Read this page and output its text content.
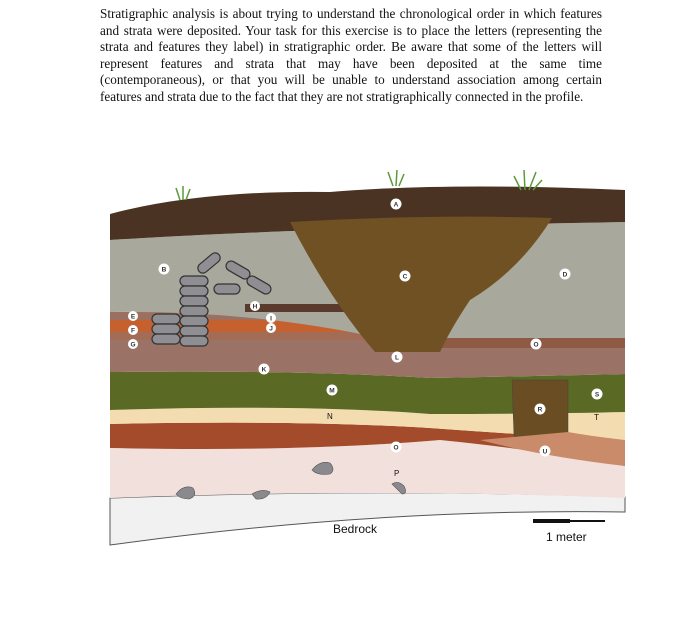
Stratigraphic analysis is about trying to understand the chronological order in which features and strata were deposited. Your task for this exercise is to place the letters (representing the strata and features they label) in stratigraphic order. Be aware that some of the letters will represent features and strata that may have been deposited at the same time (contemporaneous), or that you will be unable to understand association among certain features and strata due to the fact that they are not stratigraphically connected in the profile.

A
B
C	D
E
F
G
H
I
J
K
L
M
N
O
O
P
R
S
T
U
Bedrock
1 meter
